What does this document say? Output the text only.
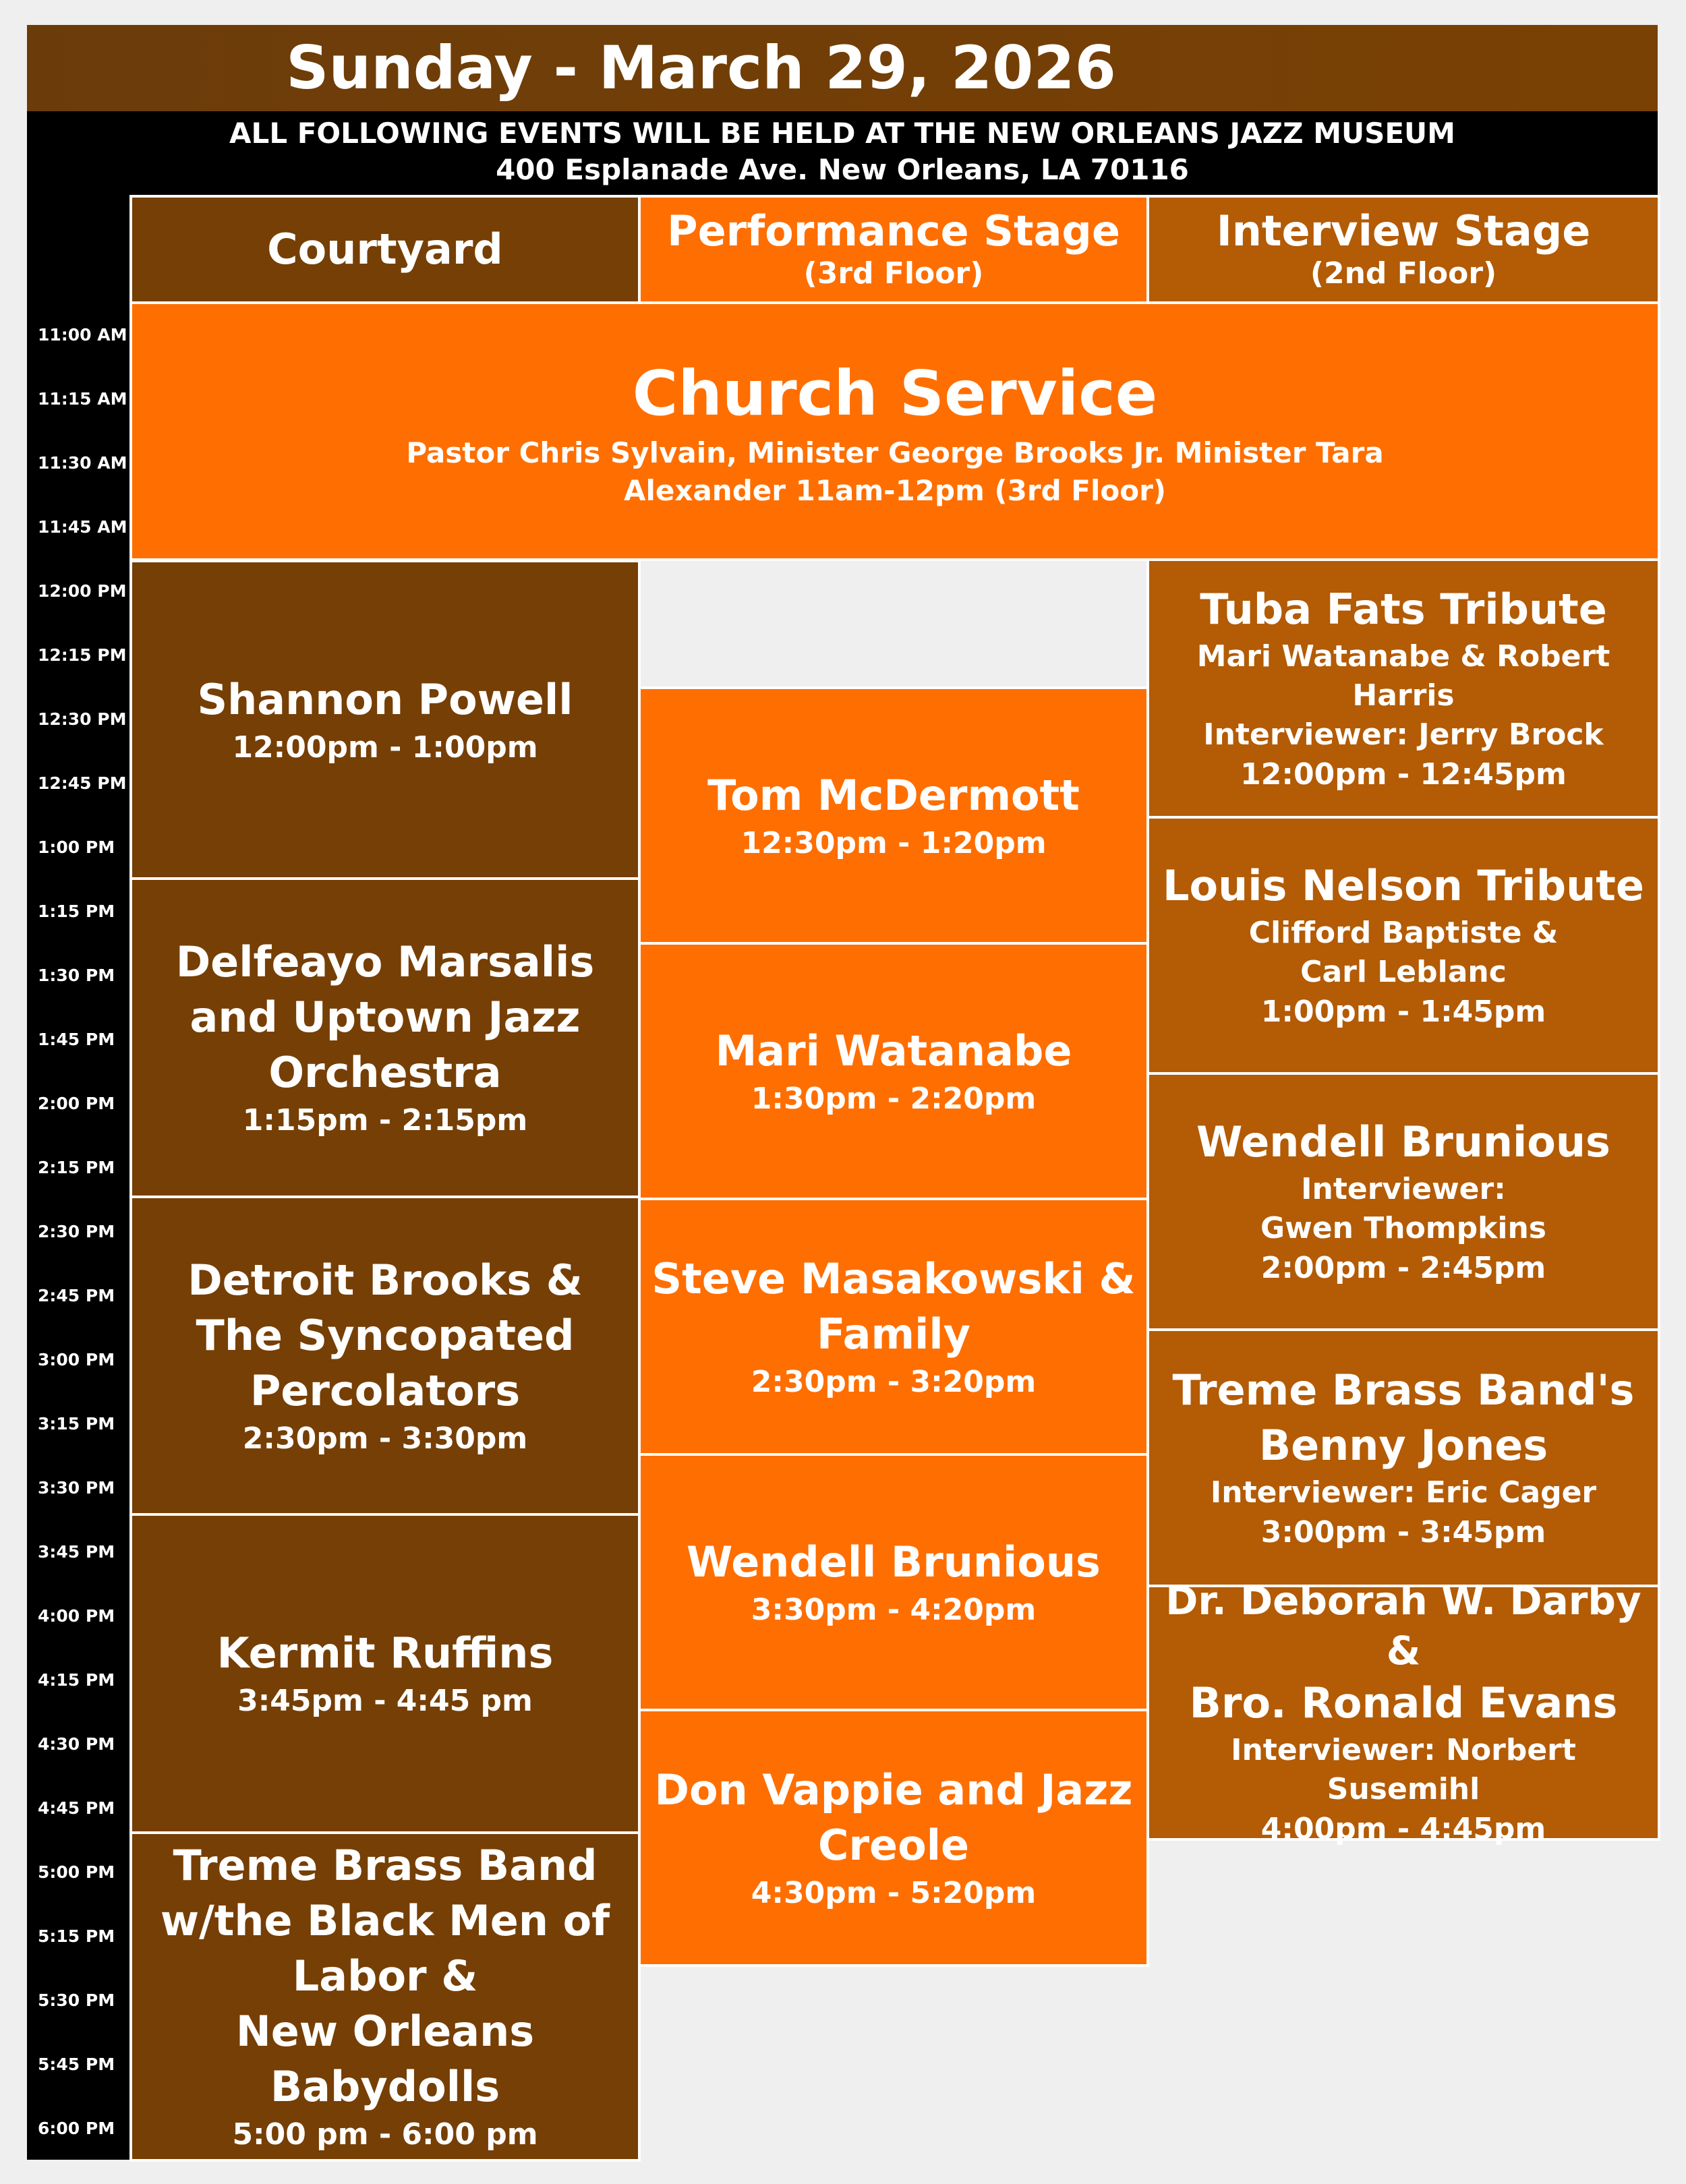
Sunday - March 29, 2026
ALL FOLLOWING EVENTS WILL BE HELD AT THE NEW ORLEANS JAZZ MUSEUM
400 Esplanade Ave. New Orleans, LA 70116
11:00 AM
11:15 AM
11:30 AM
11:45 AM
12:00 PM
12:15 PM
12:30 PM
12:45 PM
1:00 PM
1:15 PM
1:30 PM
1:45 PM
2:00 PM
2:15 PM
2:30 PM
2:45 PM
3:00 PM
3:15 PM
3:30 PM
3:45 PM
4:00 PM
4:15 PM
4:30 PM
4:45 PM
5:00 PM
5:15 PM
5:30 PM
5:45 PM
6:00 PM
Courtyard	Performance Stage
(3rd Floor)
Interview Stage
(2nd Floor)
Church Service
Pastor Chris Sylvain, Minister George Brooks Jr. Minister Tara Alexander 11am-12pm (3rd Floor)
Shannon Powell
12:00pm - 1:00pm
Delfeayo Marsalis
and Uptown Jazz
Orchestra
1:15pm - 2:15pm
Detroit Brooks &
The Syncopated
Percolators
2:30pm - 3:30pm
Kermit Ruffins
3:45pm - 4:45 pm
Treme Brass Band
w/the Black Men of
Labor &
New Orleans
Babydolls
5:00 pm - 6:00 pm
Tom McDermott
12:30pm - 1:20pm
Mari Watanabe
1:30pm - 2:20pm
Steve Masakowski &
Family
2:30pm - 3:20pm
Wendell Brunious
3:30pm - 4:20pm
Don Vappie and Jazz
Creole
4:30pm - 5:20pm
Tuba Fats Tribute
Mari Watanabe & Robert
Harris
Interviewer: Jerry Brock
12:00pm - 12:45pm
Louis Nelson Tribute
Clifford Baptiste &
Carl Leblanc
1:00pm - 1:45pm
Wendell Brunious
Interviewer:
Gwen Thompkins
2:00pm - 2:45pm
Treme Brass Band's
Benny Jones
Interviewer: Eric Cager
3:00pm - 3:45pm
Dr. Deborah W. Darby &
Bro. Ronald Evans
Interviewer: Norbert
Susemihl
4:00pm - 4:45pm
